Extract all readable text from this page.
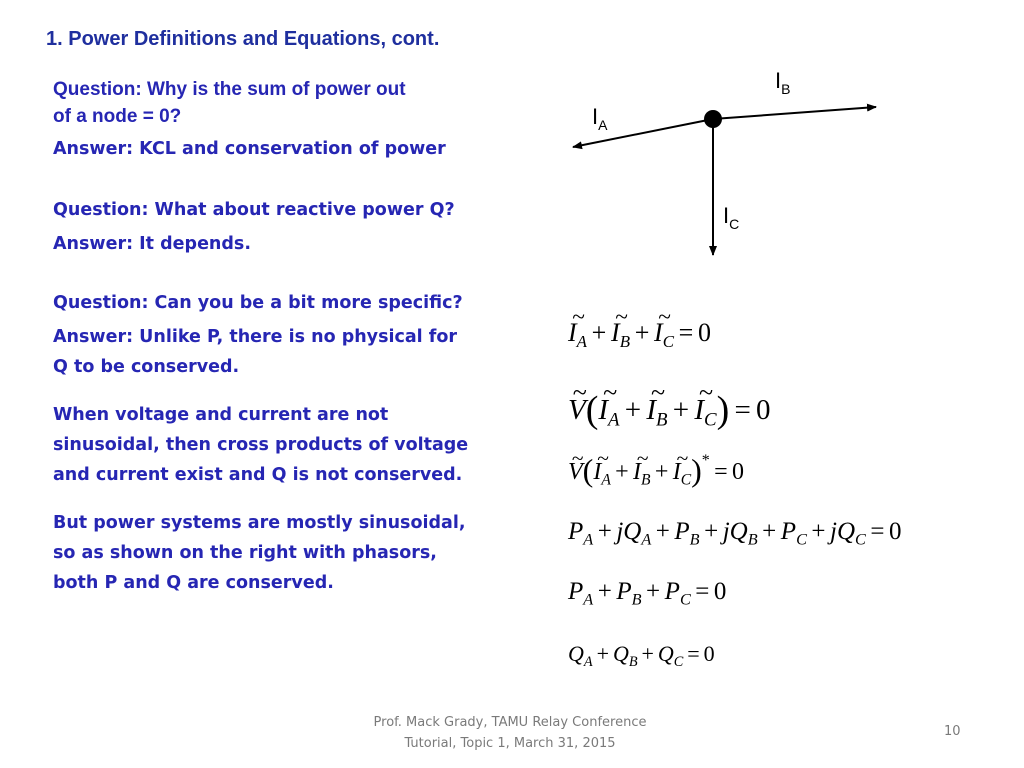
1. Power Definitions and Equations, cont.
Question: Why is the sum of power out
of a node = 0?
Answer: KCL and conservation of power
Question: What about reactive power Q?
Answer: It depends.
Question: Can you be a bit more specific?
Answer: Unlike P, there is no physical for
Q to be conserved.
When voltage and current are not
sinusoidal, then cross products of voltage
and current exist and Q is not conserved.
But power systems are mostly sinusoidal,
so as shown on the right with phasors,
both P and Q are conserved.
$I_A$
$I_B$
$I_C$
~ $I_A$ + ~ $I_B$ + ~ $I_C = 0$
~ V(~ $I_A$ + ~ $I_B$ + ~ $I_C) = 0$
~ V(~ $I_A$ + ~ $I_B$ + ~ $I_C)^* = 0$
$P_A + jQ_A + P_B + jQ_B + P_C + jQ_C = 0$
$P_A + P_B + P_C = 0$
$Q_A + Q_B + Q_C = 0$
Prof. Mack Grady, TAMU Relay Conference
Tutorial, Topic 1, March 31, 2015
10
